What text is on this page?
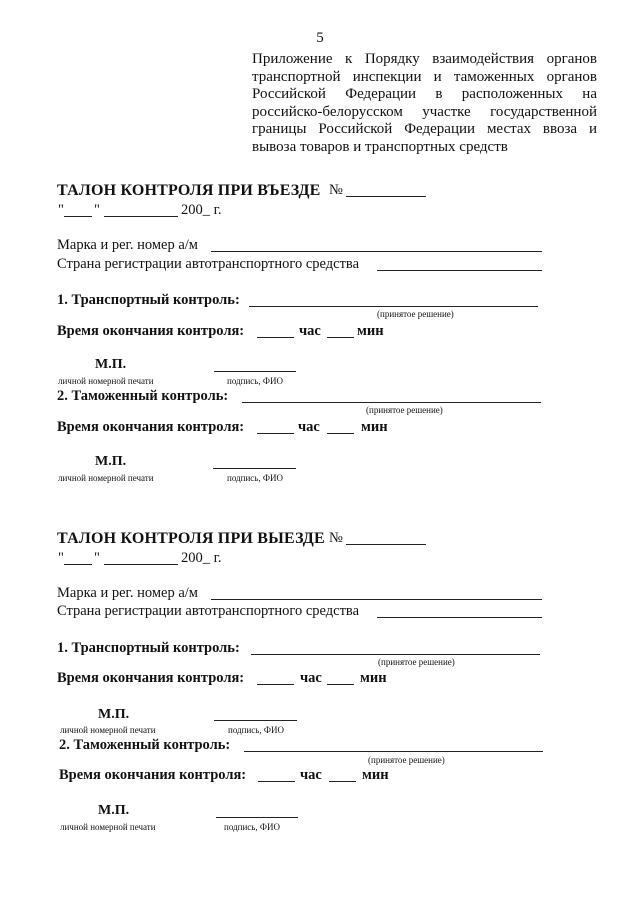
5
Приложение к Порядку взаимодействия органов
транспортной инспекции и таможенных органов
Российской Федерации в расположенных на
российско-белорусском участке государственной
границы Российской Федерации местах ввоза и
вывоза товаров и транспортных средств
ТАЛОН КОНТРОЛЯ ПРИ ВЪЕЗДЕ №
" "	200_ г.
Марка и рег. номер а/м
Страна регистрации автотранспортного средства
1. Транспортный контроль:
(принятое решение)
Время окончания контроля:	час мин
М.П.
личной номерной печати	подпись, ФИО
2. Таможенный контроль:
(принятое решение)
Время окончания контроля:	час	мин
М.П.
личной номерной печати	подпись, ФИО
ТАЛОН КОНТРОЛЯ ПРИ ВЫЕЗДЕ №
" "	200_ г.
Марка и рег. номер а/м
Страна регистрации автотранспортного средства
1. Транспортный контроль:
(принятое решение)
Время окончания контроля:	час	мин
М.П.
личной номерной печати	подпись, ФИО
2. Таможенный контроль:
(принятое решение)
Время окончания контроля:	час	мин
М.П.
личной номерной печати	подпись, ФИО
